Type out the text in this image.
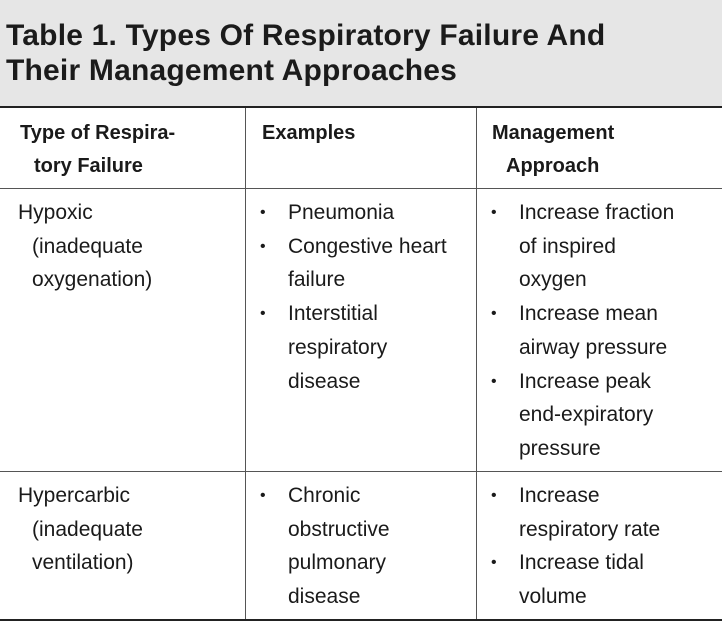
Table 1. Types Of Respiratory Failure And
Their Management Approaches
Type of Respira-
tory Failure
Examples	Management
Approach
Hypoxic
(inadequate
oxygenation)
• Pneumonia
• Congestive heart failure
• Interstitial respiratory disease
• Increase fraction of inspired oxygen
• Increase mean airway pressure
• Increase peak end-expiratory pressure
Hypercarbic
(inadequate
ventilation)
• Chronic obstructive pulmonary disease
• Increase respiratory rate
• Increase tidal volume
